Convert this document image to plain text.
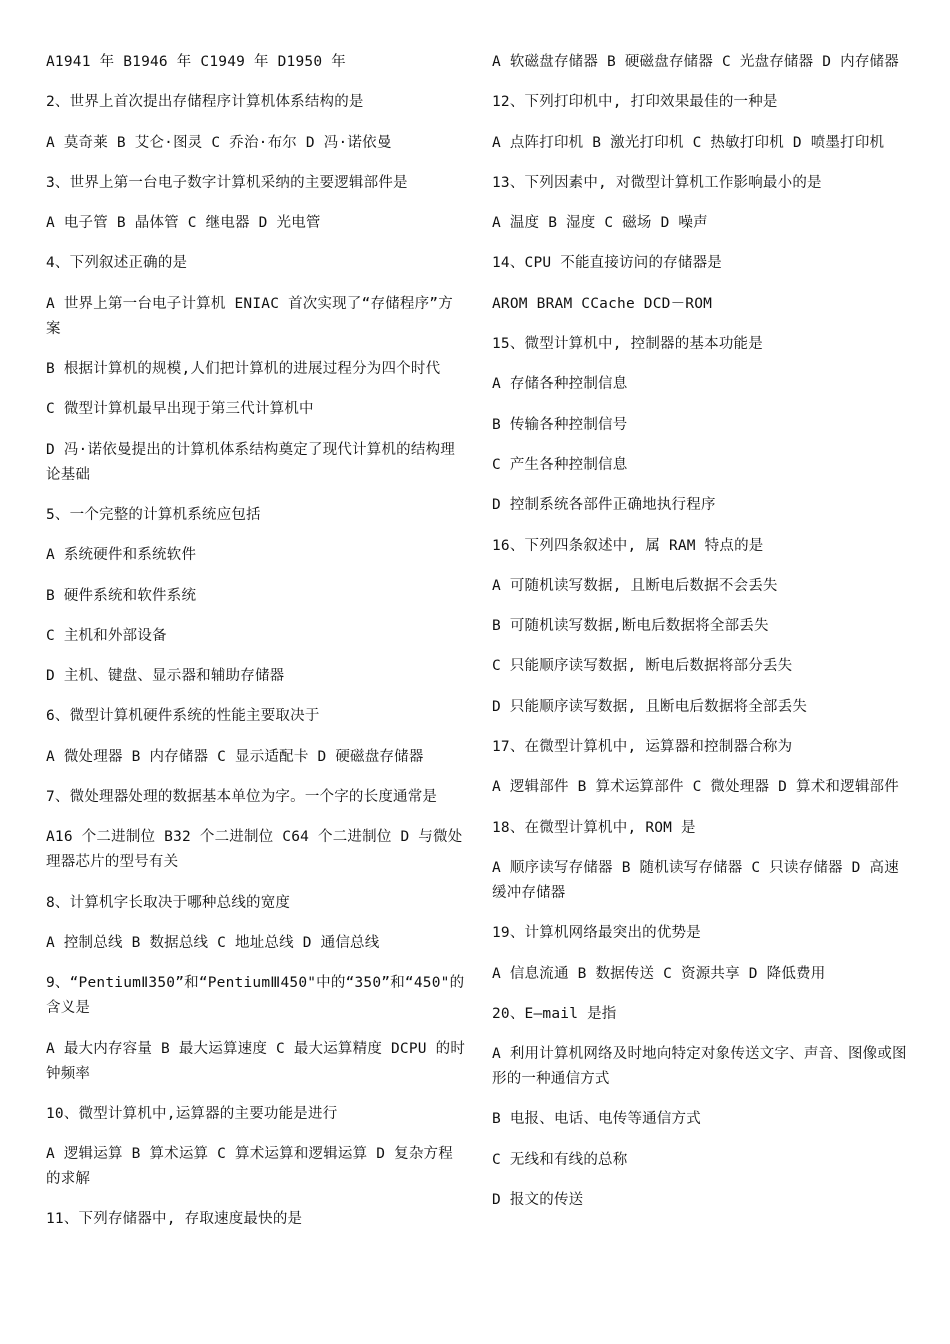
A1941 年 B1946 年 C1949 年 D1950 年

2、世界上首次提出存储程序计算机体系结构的是

A 莫奇莱 B 艾仑·图灵 C 乔治·布尔 D 冯·诺依曼

3、世界上第一台电子数字计算机采纳的主要逻辑部件是

A 电子管 B 晶体管 C 继电器 D 光电管

4、下列叙述正确的是

A 世界上第一台电子计算机 ENIAC 首次实现了“存储程序”方案

B 根据计算机的规模,人们把计算机的进展过程分为四个时代

C 微型计算机最早出现于第三代计算机中

D 冯·诺依曼提出的计算机体系结构奠定了现代计算机的结构理论基础

5、一个完整的计算机系统应包括

A 系统硬件和系统软件

B 硬件系统和软件系统

C 主机和外部设备

D 主机、键盘、显示器和辅助存储器

6、微型计算机硬件系统的性能主要取决于

A 微处理器 B 内存储器 C 显示适配卡 D 硬磁盘存储器

7、微处理器处理的数据基本单位为字。一个字的长度通常是

A16 个二进制位 B32 个二进制位 C64 个二进制位 D 与微处理器芯片的型号有关

8、计算机字长取决于哪种总线的宽度

A 控制总线 B 数据总线 C 地址总线 D 通信总线

9、“PentiumⅡ350”和“PentiumⅢ450"中的“350”和“450"的含义是

A 最大内存容量 B 最大运算速度 C 最大运算精度 DCPU 的时钟频率

10、微型计算机中,运算器的主要功能是进行

A 逻辑运算 B 算术运算 C 算术运算和逻辑运算 D 复杂方程的求解

11、下列存储器中, 存取速度最快的是

A 软磁盘存储器 B 硬磁盘存储器 C 光盘存储器 D 内存储器

12、下列打印机中, 打印效果最佳的一种是

A 点阵打印机 B 激光打印机 C 热敏打印机 D 喷墨打印机

13、下列因素中, 对微型计算机工作影响最小的是

A 温度 B 湿度 C 磁场 D 噪声

14、CPU 不能直接访问的存储器是

AROM BRAM CCache DCD－ROM

15、微型计算机中, 控制器的基本功能是

A 存储各种控制信息

B 传输各种控制信号

C 产生各种控制信息

D 控制系统各部件正确地执行程序

16、下列四条叙述中, 属 RAM 特点的是

A 可随机读写数据, 且断电后数据不会丢失

B 可随机读写数据,断电后数据将全部丢失

C 只能顺序读写数据, 断电后数据将部分丢失

D 只能顺序读写数据, 且断电后数据将全部丢失

17、在微型计算机中, 运算器和控制器合称为

A 逻辑部件 B 算术运算部件 C 微处理器 D 算术和逻辑部件

18、在微型计算机中, ROM 是

A 顺序读写存储器 B 随机读写存储器 C 只读存储器 D 高速缓冲存储器

19、计算机网络最突出的优势是

A 信息流通 B 数据传送 C 资源共享 D 降低费用

20、E—mail 是指

A 利用计算机网络及时地向特定对象传送文字、声音、图像或图形的一种通信方式

B 电报、电话、电传等通信方式

C 无线和有线的总称

D 报文的传送
